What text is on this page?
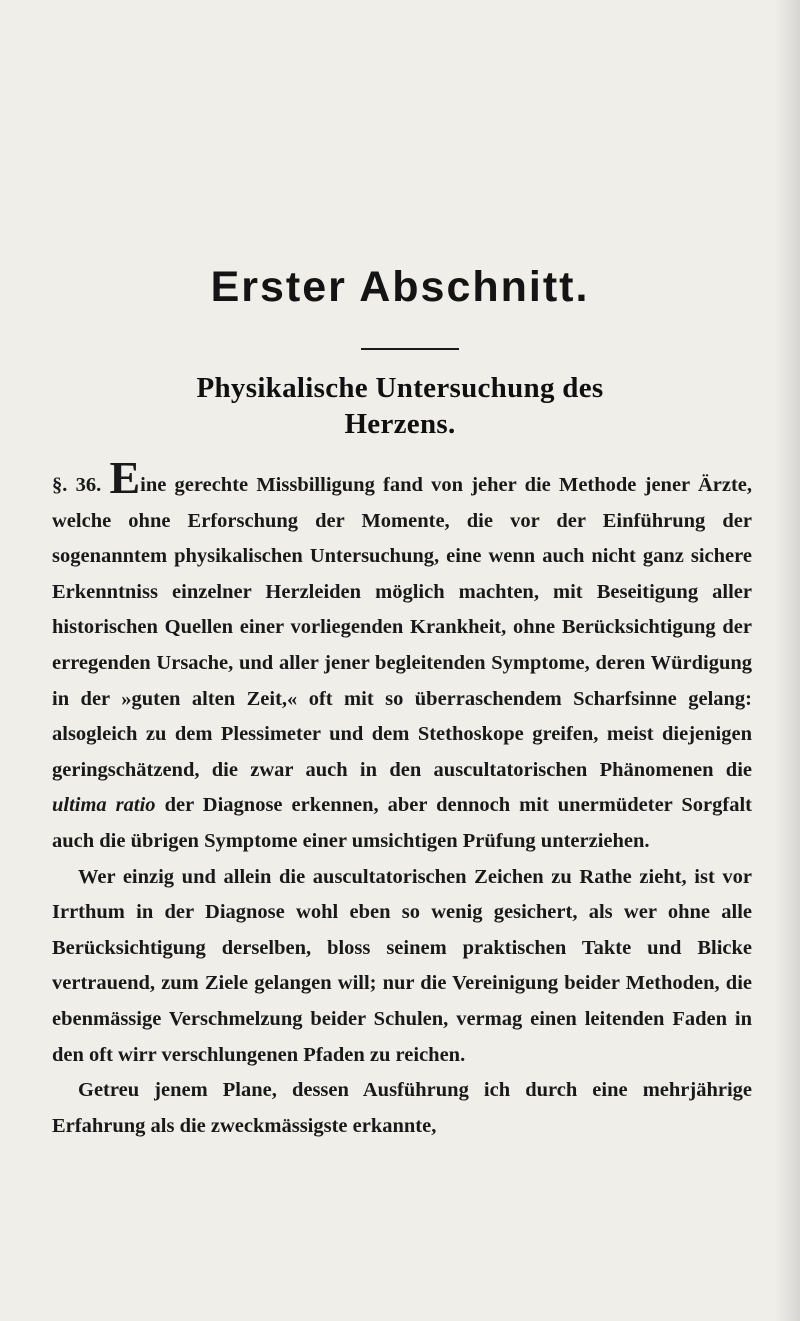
Erster Abschnitt.
Physikalische Untersuchung des
Herzens.

§. 36. Eine gerechte Missbilligung fand von jeher die Methode jener Ärzte, welche ohne Erforschung der Momente, die vor der Einführung der sogenanntem physikalischen Untersuchung, eine wenn auch nicht ganz sichere Erkenntniss einzelner Herzleiden möglich machten, mit Beseitigung aller historischen Quellen einer vorliegenden Krankheit, ohne Berücksichtigung der erregenden Ursache, und aller jener begleitenden Symptome, deren Würdigung in der »guten alten Zeit,« oft mit so überraschendem Scharfsinne gelang: alsogleich zu dem Plessimeter und dem Stethoskope greifen, meist diejenigen geringschätzend, die zwar auch in den auscultatorischen Phänomenen die ultima ratio der Diagnose erkennen, aber dennoch mit unermüdeter Sorgfalt auch die übrigen Symptome einer umsichtigen Prüfung unterziehen.

Wer einzig und allein die auscultatorischen Zeichen zu Rathe zieht, ist vor Irrthum in der Diagnose wohl eben so wenig gesichert, als wer ohne alle Berücksichtigung derselben, bloss seinem praktischen Takte und Blicke vertrauend, zum Ziele gelangen will; nur die Vereinigung beider Methoden, die ebenmässige Verschmelzung beider Schulen, vermag einen leitenden Faden in den oft wirr verschlungenen Pfaden zu reichen.

Getreu jenem Plane, dessen Ausführung ich durch eine mehrjährige Erfahrung als die zweckmässigste erkannte,
